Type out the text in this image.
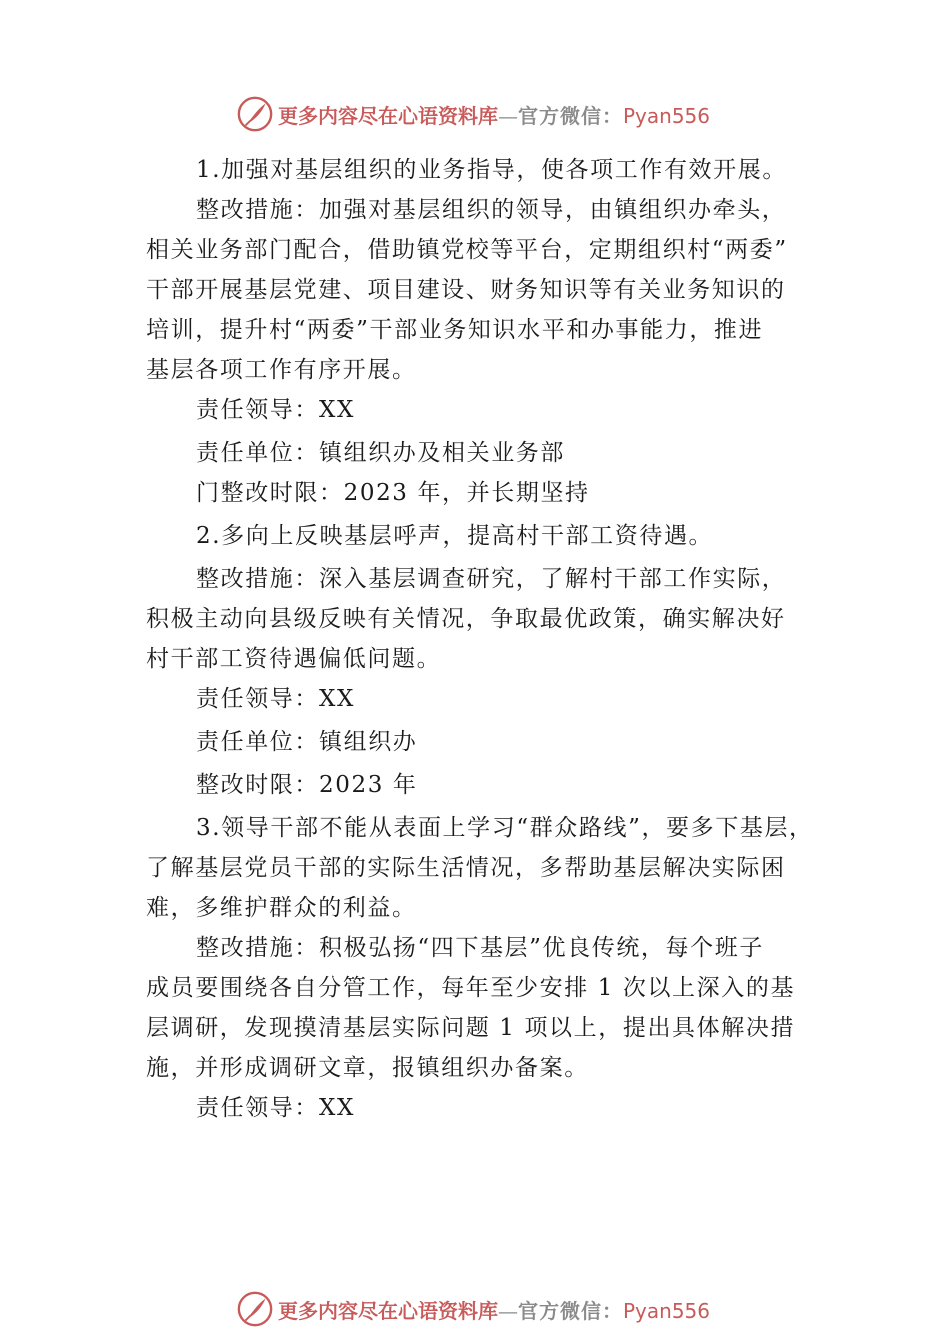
更多内容尽在心语资料库—官方微信：Pyan556
1.加强对基层组织的业务指导，使各项工作有效开展。
整改措施：加强对基层组织的领导，由镇组织办牵头，
相关业务部门配合，借助镇党校等平台，定期组织村“两委”
干部开展基层党建、项目建设、财务知识等有关业务知识的
培训，提升村“两委”干部业务知识水平和办事能力，推进
基层各项工作有序开展。
责任领导：XX
责任单位：镇组织办及相关业务部
门整改时限：2023 年，并长期坚持
2.多向上反映基层呼声，提高村干部工资待遇。
整改措施：深入基层调查研究，了解村干部工作实际，
积极主动向县级反映有关情况，争取最优政策，确实解决好
村干部工资待遇偏低问题。
责任领导：XX
责任单位：镇组织办
整改时限：2023 年
3.领导干部不能从表面上学习“群众路线”，要多下基层，
了解基层党员干部的实际生活情况，多帮助基层解决实际困
难，多维护群众的利益。
整改措施：积极弘扬“四下基层”优良传统，每个班子
成员要围绕各自分管工作，每年至少安排 1 次以上深入的基
层调研，发现摸清基层实际问题 1 项以上，提出具体解决措
施，并形成调研文章，报镇组织办备案。
责任领导：XX
更多内容尽在心语资料库—官方微信：Pyan556
